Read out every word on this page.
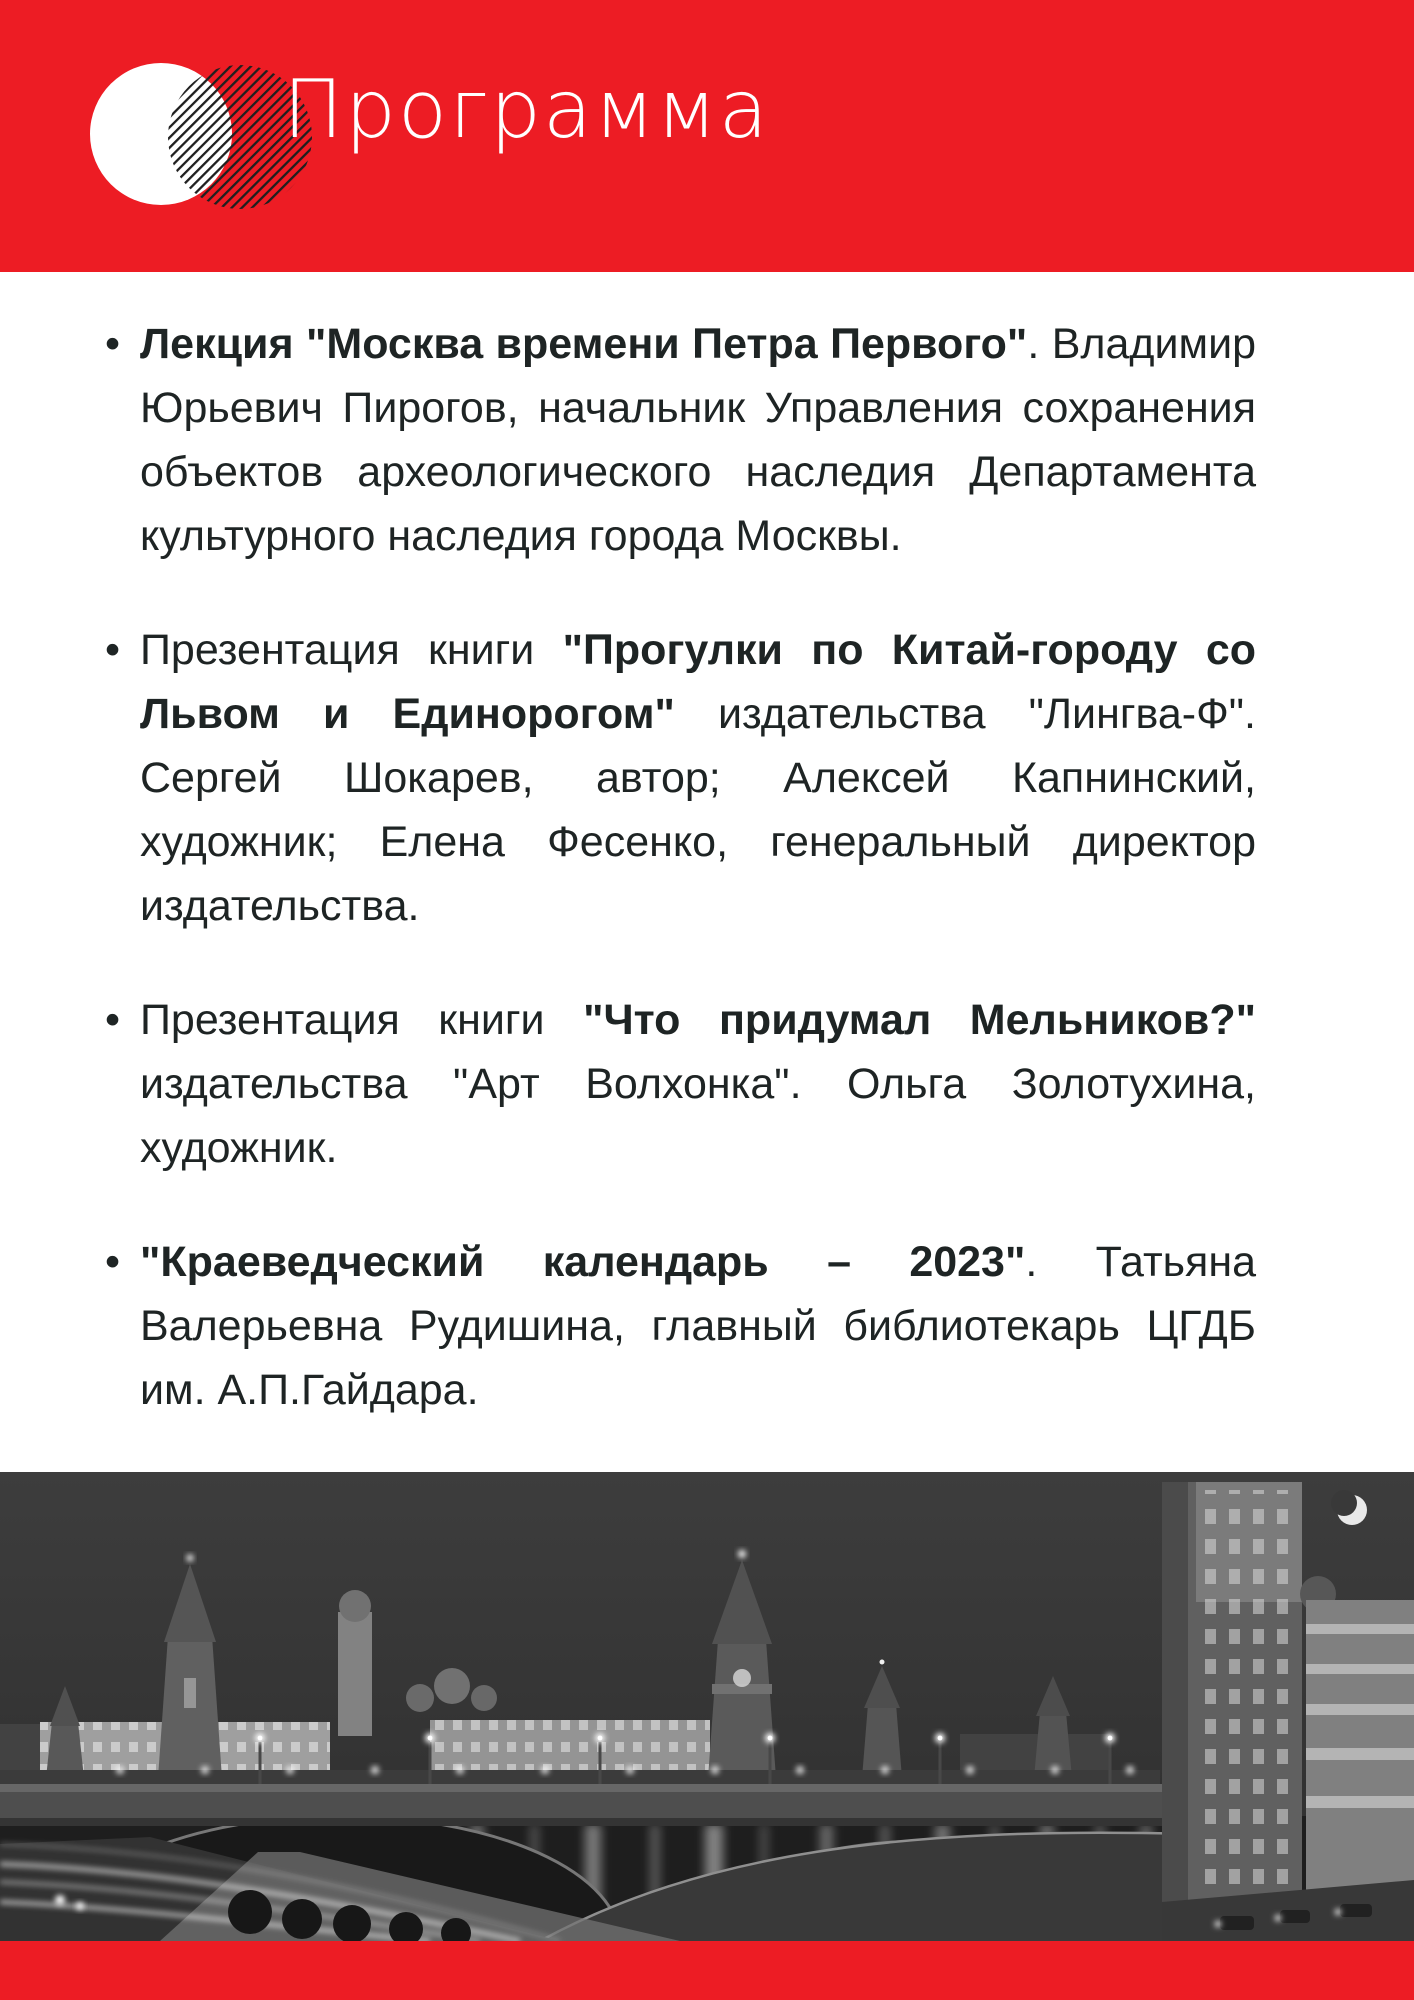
Программа
• Лекция "Москва времени Петра Первого". Владимир Юрьевич Пирогов, начальник Управления сохранения объектов археологического наследия Департамента культурного наследия города Москвы.
• Презентация книги "Прогулки по Китай-городу со Львом и Единорогом" издательства "Лингва-Ф". Сергей Шокарев, автор; Алексей Капнинский, художник; Елена Фесенко, генеральный директор издательства.
• Презентация книги "Что придумал Мельников?" издательства "Арт Волхонка". Ольга Золотухина, художник.
• "Краеведческий календарь – 2023". Татьяна Валерьевна Рудишина, главный библиотекарь ЦГДБ им. А.П.Гайдара.
